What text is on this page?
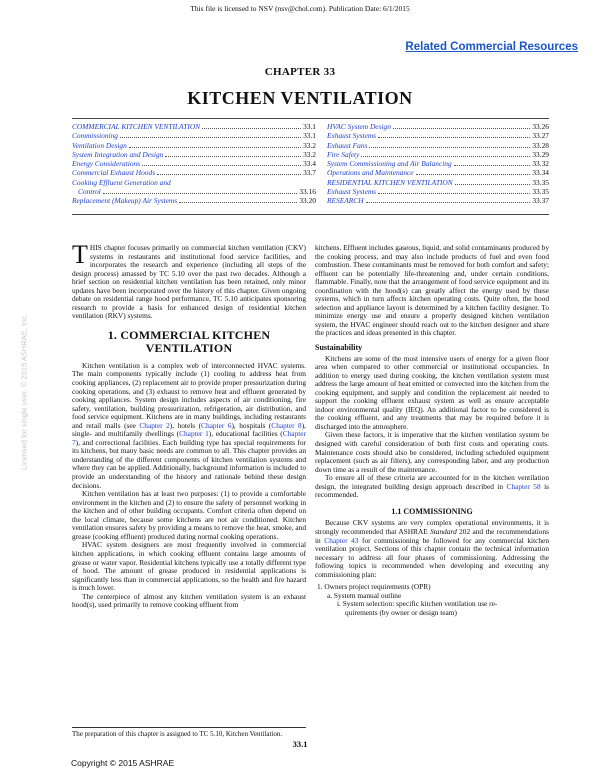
This file is licensed to NSV (nsv@chol.com). Publication Date: 6/1/2015
Related Commercial Resources
CHAPTER 33
KITCHEN VENTILATION
Licensed for single user. © 2015 ASHRAE, Inc.
COMMERCIAL KITCHEN VENTILATION	33.1
Commissioning	33.1
Ventilation Design	33.2
System Integration and Design	33.2
Energy Considerations	33.4
Commercial Exhaust Hoods	33.7
Cooking Effluent Generation and
Control	33.16
Replacement (Makeup) Air Systems	33.20
HVAC System Design	33.26
Exhaust Systems	33.27
Exhaust Fans	33.28
Fire Safety	33.29
System Commissioning and Air Balancing	33.32
Operations and Maintenance	33.34
RESIDENTIAL KITCHEN VENTILATION	33.35
Exhaust Systems	33.35
RESEARCH	33.37

THIS chapter focuses primarily on commercial kitchen ventilation (CKV) systems in restaurants and institutional food service facilities, and incorporates the research and experience (including all steps of the design process) amassed by TC 5.10 over the past two decades. Although a brief section on residential kitchen ventilation has been retained, only minor updates have been incorporated over the history of this chapter. Given ongoing debate on residential range hood performance, TC 5.10 anticipates sponsoring research to provide a basis for enhanced design of residential kitchen ventilation (RKV) systems.

1. COMMERCIAL KITCHEN VENTILATION

Kitchen ventilation is a complex web of interconnected HVAC systems. The main components typically include (1) cooling to address heat from cooking appliances, (2) replacement air to provide proper pressurization during cooking operations, and (3) exhaust to remove heat and effluent generated by cooking appliances. System design includes aspects of air conditioning, fire safety, ventilation, building pressurization, refrigeration, air distribution, and food service equipment. Kitchens are in many buildings, including restaurants and retail malls (see Chapter 2), hotels (Chapter 6), hospitals (Chapter 8), single- and multifamily dwellings (Chapter 1), educational facilities (Chapter 7), and correctional facilities. Each building type has special requirements for its kitchens, but many basic needs are common to all. This chapter provides an understanding of the different components of kitchen ventilation systems and where they can be applied. Additionally, background information is included to provide an understanding of the history and rationale behind these design decisions.

Kitchen ventilation has at least two purposes: (1) to provide a comfortable environment in the kitchen and (2) to ensure the safety of personnel working in the kitchen and of other building occupants. Comfort criteria often depend on the local climate, because some kitchens are not air conditioned. Kitchen ventilation ensures safety by providing a means to remove the heat, smoke, and grease (cooking effluent) produced during normal cooking operations.

HVAC system designers are most frequently involved in commercial kitchen applications, in which cooking effluent contains large amounts of grease or water vapor. Residential kitchens typically use a totally different type of hood. The amount of grease produced in residential applications is significantly less than in commercial applications, so the health and fire hazard is much lower.

The centerpiece of almost any kitchen ventilation system is an exhaust hood(s), used primarily to remove cooking effluent from

The preparation of this chapter is assigned to TC 5.10, Kitchen Ventilation.

kitchens. Effluent includes gaseous, liquid, and solid contaminants produced by the cooking process, and may also include products of fuel and even food combustion. These contaminants must be removed for both comfort and safety; effluent can be potentially life-threatening and, under certain conditions, flammable. Finally, note that the arrangement of food service equipment and its coordination with the hood(s) can greatly affect the energy used by these systems, which in turn affects kitchen operating costs. Quite often, the hood selection and appliance layout is determined by a kitchen facility designer. To minimize energy use and ensure a properly designed kitchen ventilation system, the HVAC engineer should reach out to the kitchen designer and share the practices and ideas presented in this chapter.

Sustainability

Kitchens are some of the most intensive users of energy for a given floor area when compared to other commercial or institutional occupancies. In addition to energy used during cooking, the kitchen ventilation system must address the large amount of heat emitted or convected into the kitchen from the cooking equipment, and supply and condition the replacement air needed to support the cooking effluent exhaust system as well as ensure acceptable indoor environmental quality (IEQ). An additional factor to be considered is the cooking effluent, and any treatments that may be required before it is discharged into the atmosphere.

Given these factors, it is imperative that the kitchen ventilation system be designed with careful consideration of both first costs and operating costs. Maintenance costs should also be considered, including scheduled equipment replacement (such as air filters), any corresponding labor, and any production down time as a result of the maintenance.

To ensure all of these criteria are accounted for in the kitchen ventilation design, the integrated building design approach described in Chapter 58 is recommended.

1.1 COMMISSIONING

Because CKV systems are very complex operational environments, it is strongly recommended that ASHRAE Standard 202 and the recommendations in Chapter 43 for commissioning be followed for any commercial kitchen ventilation project. Sections of this chapter contain the technical information necessary to address all four phases of commissioning. Addressing the following topics is recommended when developing and executing any commissioning plan:

1. Owners project requirements (OPR)
a. System manual outline
i. System selection: specific kitchen ventilation use re-
quirements (by owner or design team)
33.1
Copyright © 2015 ASHRAE
